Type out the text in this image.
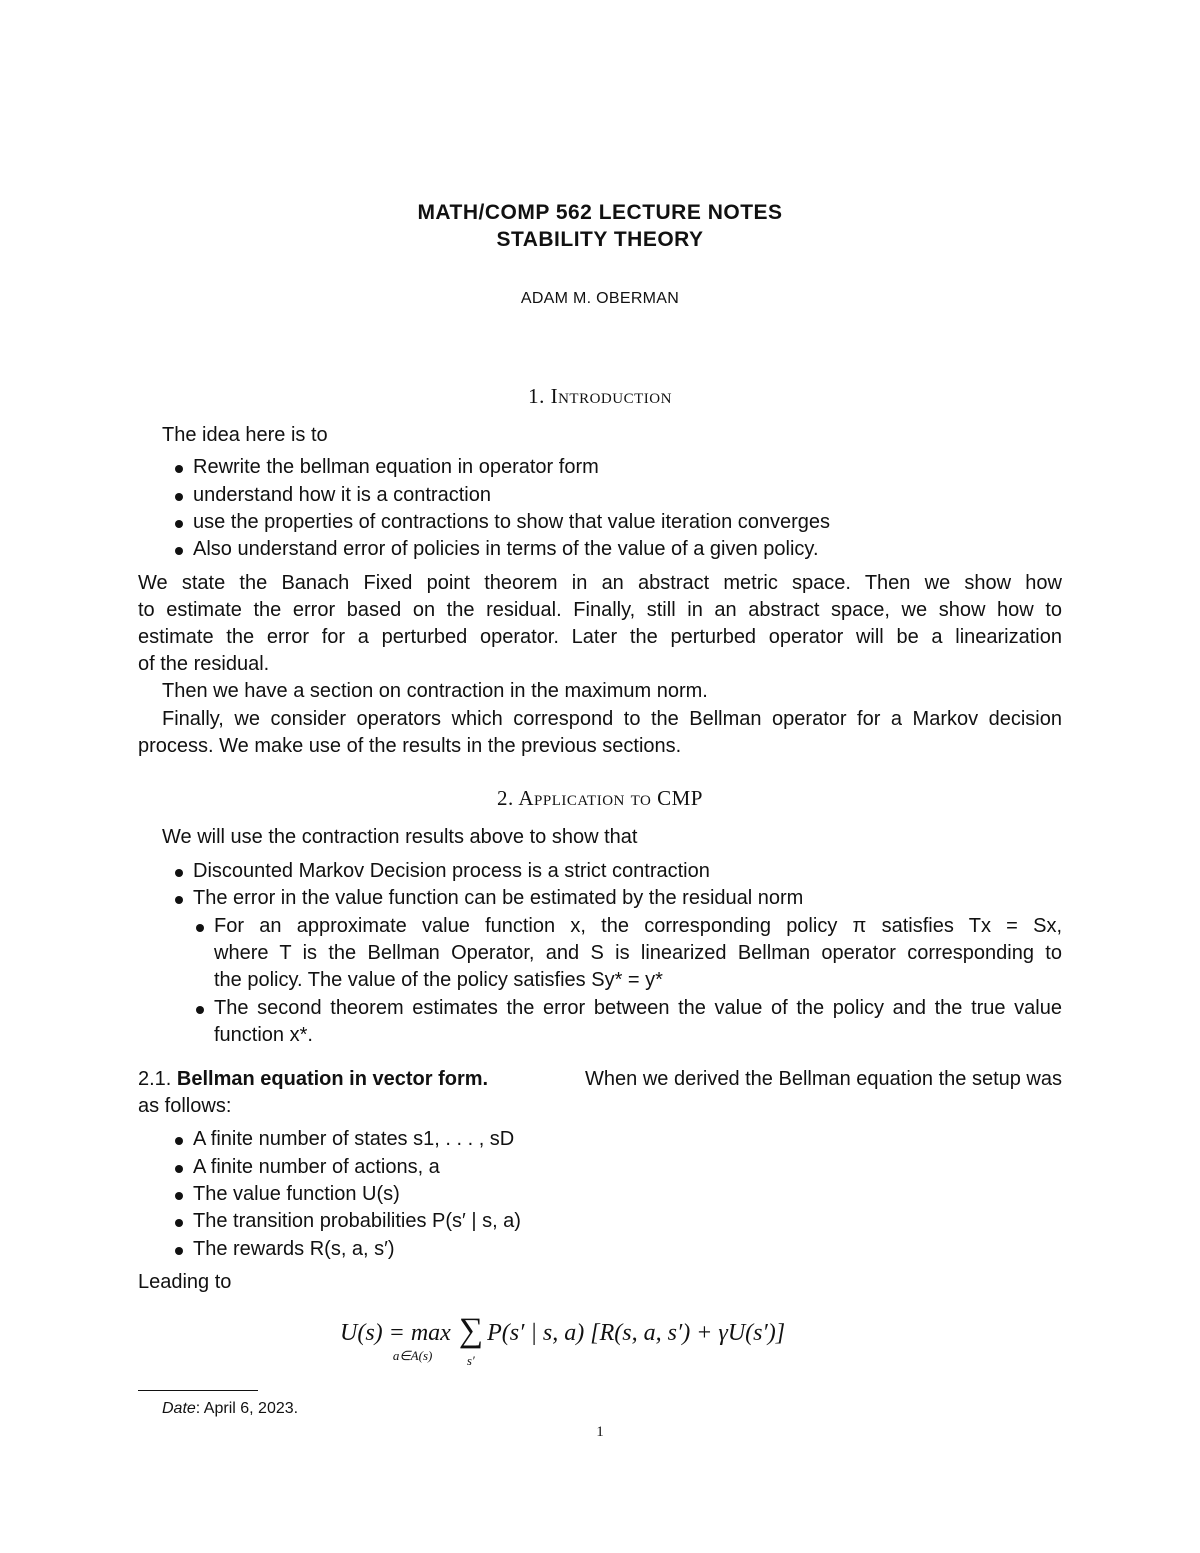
MATH/COMP 562 LECTURE NOTES
STABILITY THEORY
ADAM M. OBERMAN
1. Introduction
The idea here is to
Rewrite the bellman equation in operator form
understand how it is a contraction
use the properties of contractions to show that value iteration converges
Also understand error of policies in terms of the value of a given policy.
We state the Banach Fixed point theorem in an abstract metric space. Then we show how
to estimate the error based on the residual. Finally, still in an abstract space, we show how to
estimate the error for a perturbed operator. Later the perturbed operator will be a linearization
of the residual.
Then we have a section on contraction in the maximum norm.
Finally, we consider operators which correspond to the Bellman operator for a Markov decision
process. We make use of the results in the previous sections.
2. Application to CMP
We will use the contraction results above to show that
Discounted Markov Decision process is a strict contraction
The error in the value function can be estimated by the residual norm
For an approximate value function x, the corresponding policy π satisfies Tx = Sx,
where T is the Bellman Operator, and S is linearized Bellman operator corresponding to
the policy. The value of the policy satisfies Sy* = y*
The second theorem estimates the error between the value of the policy and the true value
function x*.
2.1. Bellman equation in vector form.	When we derived the Bellman equation the setup was
as follows:
A finite number of states s1, . . . , sD
A finite number of actions, a
The value function U(s)
The transition probabilities P(s′ | s, a)
The rewards R(s, a, s′)
Leading to
U(s) = max
a∈A(s)
∑
s′
P(s′ | s, a) [R(s, a, s′) + γU(s′)]
Date: April 6, 2023.
1
